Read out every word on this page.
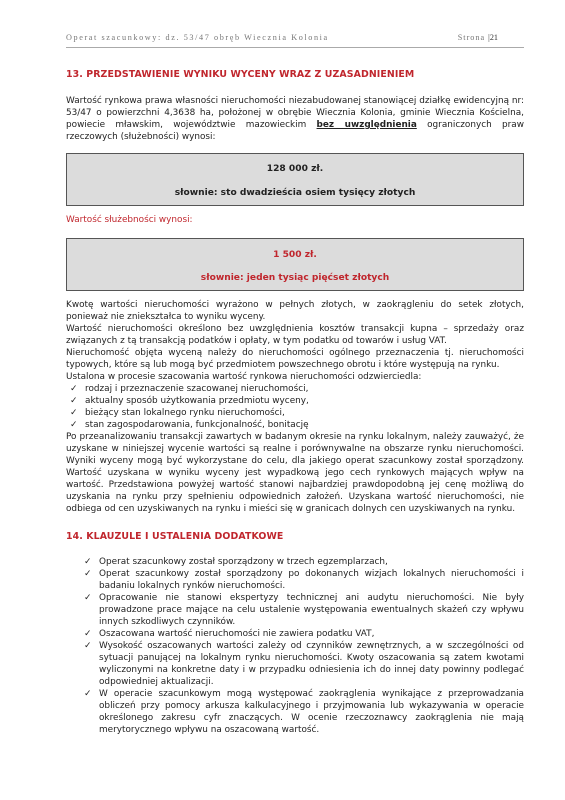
Operat szacunkowy: dz. 53/47 obręb Wiecznia Kolonia	Strona |21
13. PRZEDSTAWIENIE WYNIKU WYCENY WRAZ Z UZASADNIENIEM

Wartość rynkowa prawa własności nieruchomości niezabudowanej stanowiącej działkę ewidencyjną nr: 53/47 o powierzchni 4,3638 ha, położonej w obrębie Wiecznia Kolonia, gminie Wiecznia Kościelna, powiecie mławskim, województwie mazowieckim bez uwzględnienia ograniczonych praw rzeczowych (służebności) wynosi:

128 000 zł.
słownie: sto dwadzieścia osiem tysięcy złotych
Wartość służebności wynosi:
1 500 zł.
słownie: jeden tysiąc pięćset złotych

Kwotę wartości nieruchomości wyrażono w pełnych złotych, w zaokrągleniu do setek złotych, ponieważ nie zniekształca to wyniku wyceny.

Wartość nieruchomości określono bez uwzględnienia kosztów transakcji kupna – sprzedaży oraz związanych z tą transakcją podatków i opłaty, w tym podatku od towarów i usług VAT.

Nieruchomość objęta wyceną należy do nieruchomości ogólnego przeznaczenia tj. nieruchomości typowych, które są lub mogą być przedmiotem powszechnego obrotu i które występują na rynku.

Ustalona w procesie szacowania wartość rynkowa nieruchomości odzwierciedla:

✓ rodzaj i przeznaczenie szacowanej nieruchomości,
✓ aktualny sposób użytkowania przedmiotu wyceny,
✓ bieżący stan lokalnego rynku nieruchomości,
✓ stan zagospodarowania, funkcjonalność, bonitację

Po przeanalizowaniu transakcji zawartych w badanym okresie na rynku lokalnym, należy zauważyć, że uzyskane w niniejszej wycenie wartości są realne i porównywalne na obszarze rynku nieruchomości. Wyniki wyceny mogą być wykorzystane do celu, dla jakiego operat szacunkowy został sporządzony. Wartość uzyskana w wyniku wyceny jest wypadkową jego cech rynkowych mających wpływ na wartość. Przedstawiona powyżej wartość stanowi najbardziej prawdopodobną jej cenę możliwą do uzyskania na rynku przy spełnieniu odpowiednich założeń. Uzyskana wartość nieruchomości, nie odbiega od cen uzyskiwanych na rynku i mieści się w granicach dolnych cen uzyskiwanych na rynku.

14. KLAUZULE I USTALENIA DODATKOWE
✓ Operat szacunkowy został sporządzony w trzech egzemplarzach,
✓ Operat szacunkowy został sporządzony po dokonanych wizjach lokalnych nieruchomości i badaniu lokalnych rynków nieruchomości.
✓ Opracowanie nie stanowi ekspertyzy technicznej ani audytu nieruchomości. Nie były prowadzone prace mające na celu ustalenie występowania ewentualnych skażeń czy wpływu innych szkodliwych czynników.
✓ Oszacowana wartość nieruchomości nie zawiera podatku VAT,
✓ Wysokość oszacowanych wartości zależy od czynników zewnętrznych, a w szczególności od sytuacji panującej na lokalnym rynku nieruchomości. Kwoty oszacowania są zatem kwotami wyliczonymi na konkretne daty i w przypadku odniesienia ich do innej daty powinny podlegać odpowiedniej aktualizacji.
✓ W operacie szacunkowym mogą występować zaokrąglenia wynikające z przeprowadzania obliczeń przy pomocy arkusza kalkulacyjnego i przyjmowania lub wykazywania w operacie określonego zakresu cyfr znaczących. W ocenie rzeczoznawcy zaokrąglenia nie mają merytorycznego wpływu na oszacowaną wartość.
